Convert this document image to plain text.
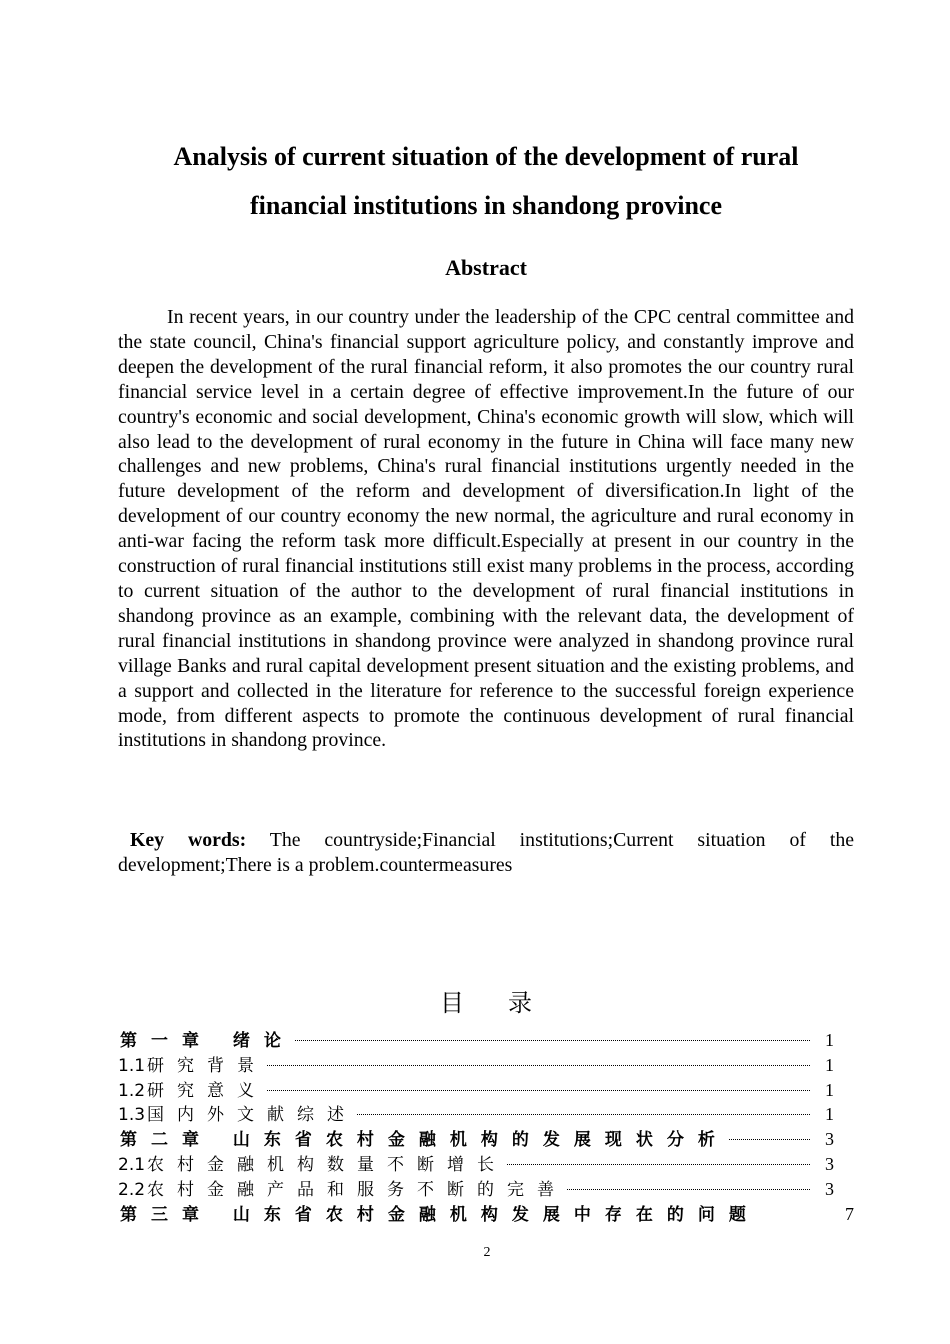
Analysis of current situation of the development of rural
financial institutions in shandong province
Abstract

In recent years, in our country under the leadership of the CPC central committee and the state council, China's financial support agriculture policy, and constantly improve and deepen the development of the rural financial reform, it also promotes the our country rural financial service level in a certain degree of effective improvement.In the future of our country's economic and social development, China's economic growth will slow, which will also lead to the development of rural economy in the future in China will face many new challenges and new problems, China's rural financial institutions urgently needed in the future development of the reform and development of diversification.In light of the development of our country economy the new normal, the agriculture and rural economy in anti-war facing the reform task more difficult.Especially at present in our country in the construction of rural financial institutions still exist many problems in the process, according to current situation of the author to the development of rural financial institutions in shandong province as an example, combining with the relevant data, the development of rural financial institutions in shandong province were analyzed in shandong province rural village Banks and rural capital development present situation and the existing problems, and a support and collected in the literature for reference to the successful foreign experience mode, from different aspects to promote the continuous development of rural financial institutions in shandong province.

Key words: The countryside;Financial institutions;Current situation of the development;There is a problem.countermeasures

目 录
第一章 绪论	1
1.1 研究背景	1
1.2 研究意义	1
1.3 国内外文献综述	1
第二章 山东省农村金融机构的发展现状分析	3
2.1 农村金融机构数量不断增长	3
2.2 农村金融产品和服务不断的完善	3
第三章 山东省农村金融机构发展中存在的问题	7
2
